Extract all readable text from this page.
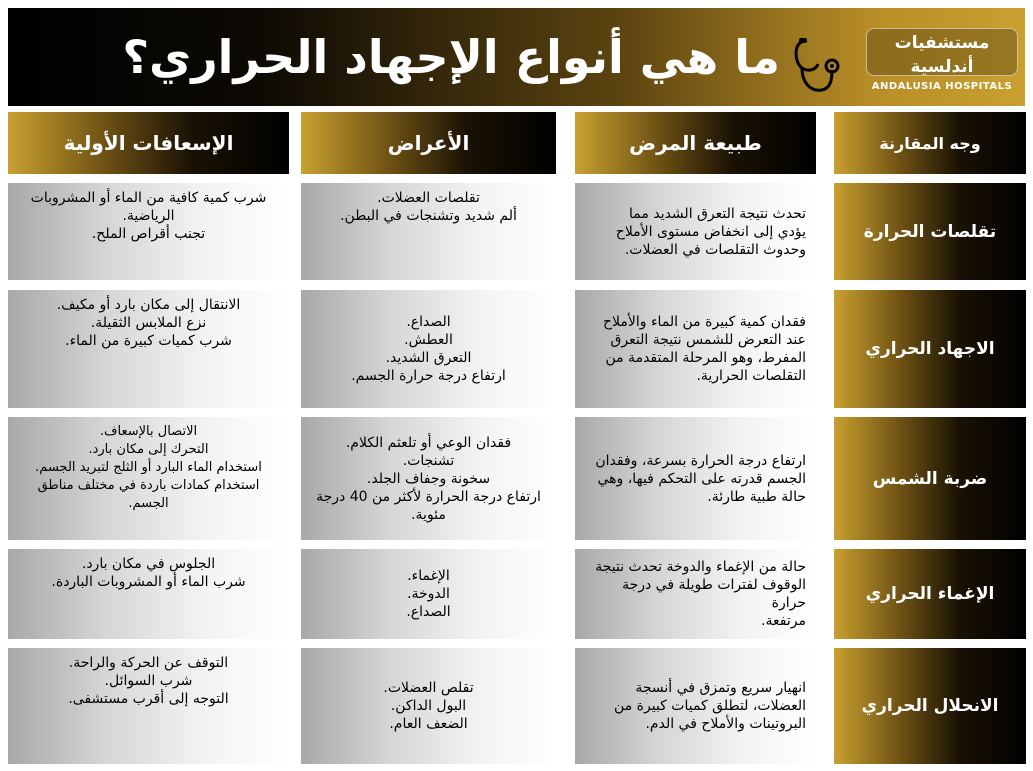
ما هي أنواع الإجهاد الحراري؟	مستشفيات أندلسية
ANDALUSIA HOSPITALS
وجه المقارنة
طبيعة المرض
الأعراض
الإسعافات الأولية
تقلصات الحرارة
تحدث نتيجة التعرق الشديد مما
يؤدي إلى انخفاض مستوى الأملاح
وحدوث التقلصات في العضلات.
تقلصات العضلات.
ألم شديد وتشنجات في البطن.
شرب كمية كافية من الماء أو المشروبات
الرياضية.
تجنب أقراص الملح.
الاجهاد الحراري
فقدان كمية كبيرة من الماء والأملاح
عند التعرض للشمس نتيجة التعرق
المفرط، وهو المرحلة المتقدمة من
التقلصات الحرارية.
الصداع.
العطش.
التعرق الشديد.
ارتفاع درجة حرارة الجسم.
الانتقال إلى مكان بارد أو مكيف.
نزع الملابس الثقيلة.
شرب كميات كبيرة من الماء.
ضربة الشمس
ارتفاع درجة الحرارة بسرعة، وفقدان
الجسم قدرته على التحكم فيها، وهي
حالة طبية طارئة.
فقدان الوعي أو تلعثم الكلام.
تشنجات.
سخونة وجفاف الجلد.
ارتفاع درجة الحرارة لأكثر من 40 درجة
مئوية.
الاتصال بالإسعاف.
التحرك إلى مكان بارد.
استخدام الماء البارد أو الثلج لتبريد الجسم.
استخدام كمادات باردة في مختلف مناطق
الجسم.
الإغماء الحراري
حالة من الإغماء والدوخة تحدث نتيجة
الوقوف لفترات طويلة في درجة حرارة
مرتفعة.
الإغماء.
الدوخة.
الصداع.
الجلوس في مكان بارد.
شرب الماء أو المشروبات الباردة.
الانحلال الحراري
انهيار سريع وتمزق في أنسجة
العضلات، لتطلق كميات كبيرة من
البروتينات والأملاح في الدم.
تقلص العضلات.
البول الداكن.
الضعف العام.
التوقف عن الحركة والراحة.
شرب السوائل.
التوجه إلى أقرب مستشفى.
